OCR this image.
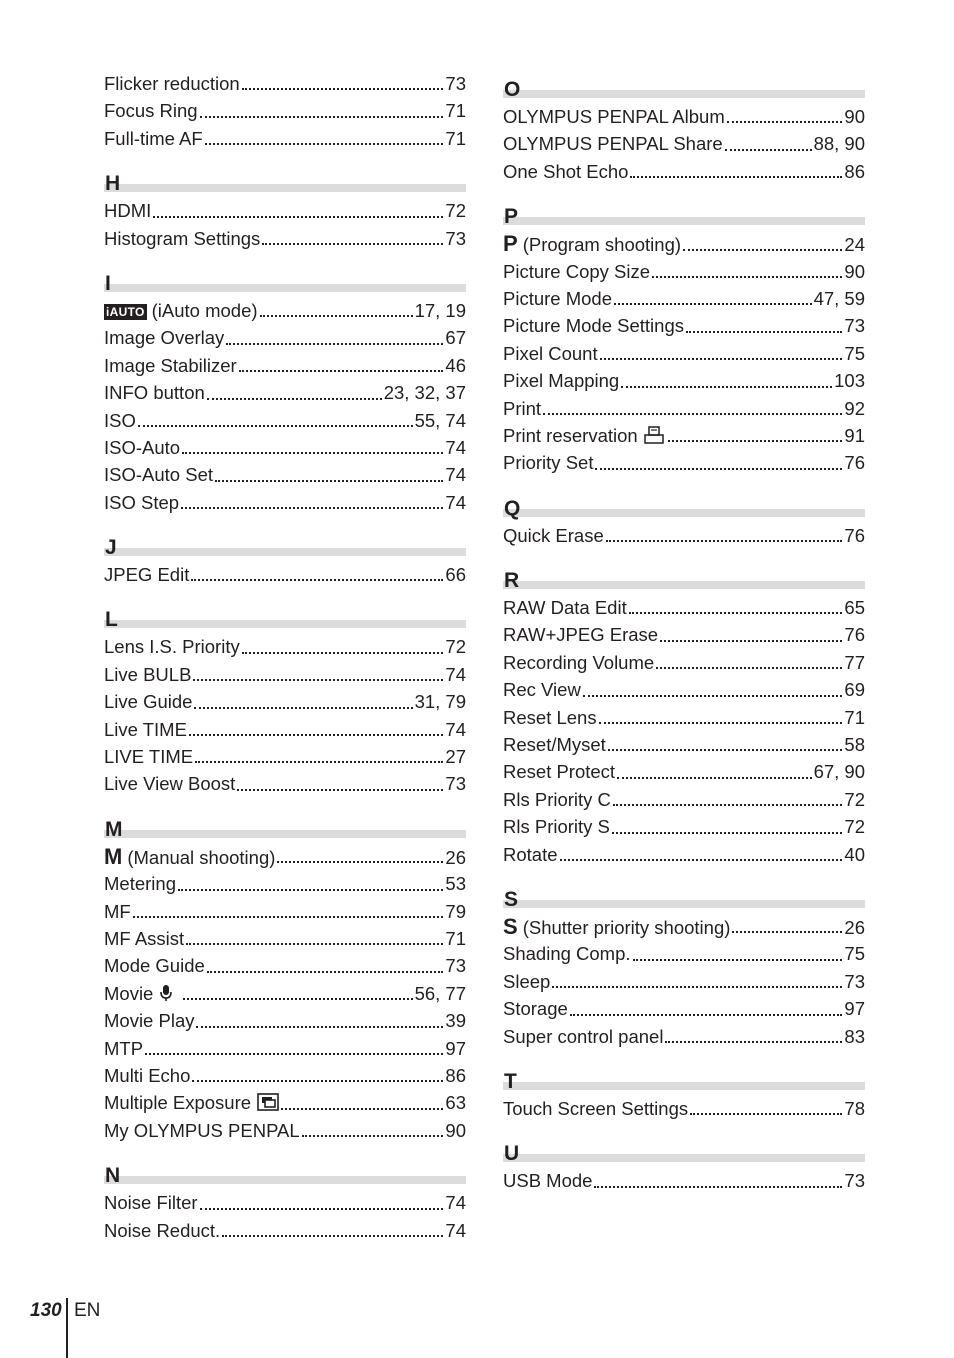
Flicker reduction	73
Focus Ring	71
Full-time AF	71
H
HDMI	72
Histogram Settings	73
I
iAUTO (iAuto mode)	17, 19
Image Overlay	67
Image Stabilizer	46
INFO button	23, 32, 37
ISO	55, 74
ISO-Auto	74
ISO-Auto Set	74
ISO Step	74
J
JPEG Edit	66
L
Lens I.S. Priority	72
Live BULB	74
Live Guide	31, 79
Live TIME	74
LIVE TIME	27
Live View Boost	73
M
M (Manual shooting)	26
Metering	53
MF	79
MF Assist	71
Mode Guide	73
Movie	56, 77
Movie Play	39
MTP	97
Multi Echo	86
Multiple Exposure	63
My OLYMPUS PENPAL	90
N
Noise Filter	74
Noise Reduct.	74
O
OLYMPUS PENPAL Album	90
OLYMPUS PENPAL Share	88, 90
One Shot Echo	86
P
P (Program shooting)	24
Picture Copy Size	90
Picture Mode	47, 59
Picture Mode Settings	73
Pixel Count	75
Pixel Mapping	103
Print	92
Print reservation	91
Priority Set	76
Q
Quick Erase	76
R
RAW Data Edit	65
RAW+JPEG Erase	76
Recording Volume	77
Rec View	69
Reset Lens	71
Reset/Myset	58
Reset Protect	67, 90
Rls Priority C	72
Rls Priority S	72
Rotate	40
S
S (Shutter priority shooting)	26
Shading Comp.	75
Sleep	73
Storage	97
Super control panel	83
T
Touch Screen Settings	78
U
USB Mode	73
130 EN
